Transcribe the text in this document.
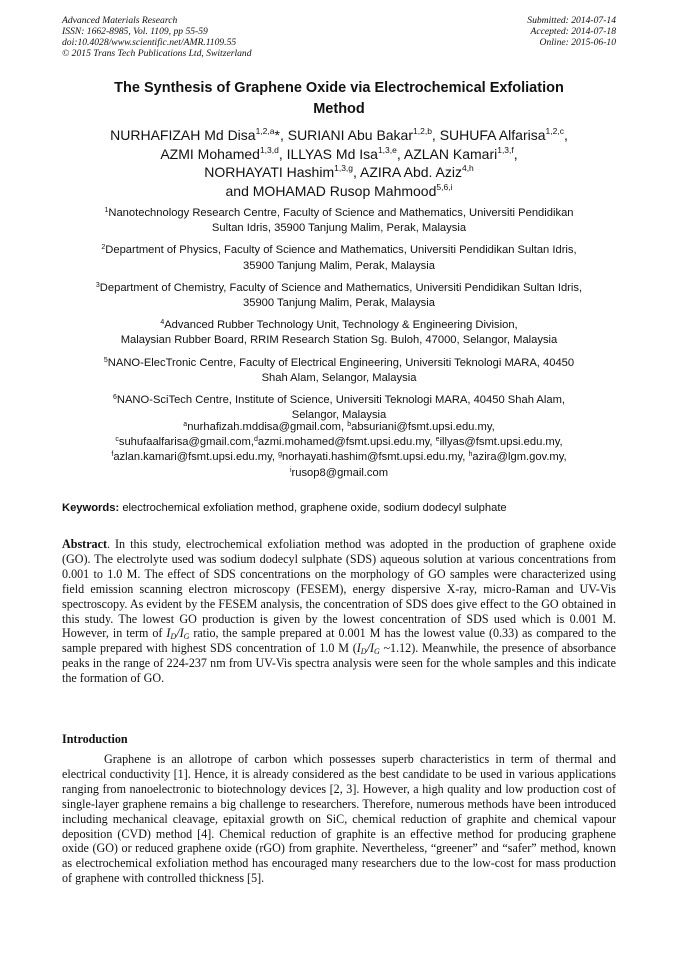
Advanced Materials Research
ISSN: 1662-8985, Vol. 1109, pp 55-59
doi:10.4028/www.scientific.net/AMR.1109.55
© 2015 Trans Tech Publications Ltd, Switzerland
Submitted: 2014-07-14
Accepted: 2014-07-18
Online: 2015-06-10
The Synthesis of Graphene Oxide via Electrochemical Exfoliation
Method
NURHAFIZAH Md Disa$^{1,2,a}$*, SURIANI Abu Bakar$^{1,2,b}$, SUHUFA Alfarisa$^{1,2,c}$,
AZMI Mohamed$^{1,3,d}$, ILLYAS Md Isa$^{1,3,e}$, AZLAN Kamari$^{1,3,f}$,
NORHAYATI Hashim$^{1,3,g}$, AZIRA Abd. Aziz$^{4,h}$
and MOHAMAD Rusop Mahmood$^{5,6,i}$
$^1$Nanotechnology Research Centre, Faculty of Science and Mathematics, Universiti Pendidikan
Sultan Idris, 35900 Tanjung Malim, Perak, Malaysia
$^2$Department of Physics, Faculty of Science and Mathematics, Universiti Pendidikan Sultan Idris,
35900 Tanjung Malim, Perak, Malaysia
$^3$Department of Chemistry, Faculty of Science and Mathematics, Universiti Pendidikan Sultan Idris,
35900 Tanjung Malim, Perak, Malaysia
$^4$Advanced Rubber Technology Unit, Technology & Engineering Division,
Malaysian Rubber Board, RRIM Research Station Sg. Buloh, 47000, Selangor, Malaysia
$^5$NANO-ElecTronic Centre, Faculty of Electrical Engineering, Universiti Teknologi MARA, 40450
Shah Alam, Selangor, Malaysia
$^6$NANO-SciTech Centre, Institute of Science, Universiti Teknologi MARA, 40450 Shah Alam,
Selangor, Malaysia
$^a$nurhafizah.mddisa@gmail.com, $^b$absuriani@fsmt.upsi.edu.my,
$^c$suhufaalfarisa@gmail.com,$^d$azmi.mohamed@fsmt.upsi.edu.my, $^e$illyas@fsmt.upsi.edu.my,
$^f$azlan.kamari@fsmt.upsi.edu.my, $^g$norhayati.hashim@fsmt.upsi.edu.my, $^h$azira@lgm.gov.my,
$^i$rusop8@gmail.com
Keywords: electrochemical exfoliation method, graphene oxide, sodium dodecyl sulphate

Abstract. In this study, electrochemical exfoliation method was adopted in the production of graphene oxide (GO). The electrolyte used was sodium dodecyl sulphate (SDS) aqueous solution at various concentrations from 0.001 to 1.0 M. The effect of SDS concentrations on the morphology of GO samples were characterized using field emission scanning electron microscopy (FESEM), energy dispersive X-ray, micro-Raman and UV-Vis spectroscopy. As evident by the FESEM analysis, the concentration of SDS does give effect to the GO obtained in this study. The lowest GO production is given by the lowest concentration of SDS used which is 0.001 M. However, in term of $I_D/I_G$ ratio, the sample prepared at 0.001 M has the lowest value (0.33) as compared to the sample prepared with highest SDS concentration of 1.0 M ($I_D/I_G$ ~1.12). Meanwhile, the presence of absorbance peaks in the range of 224-237 nm from UV-Vis spectra analysis were seen for the whole samples and this indicate the formation of GO.

Introduction

Graphene is an allotrope of carbon which possesses superb characteristics in term of thermal and electrical conductivity [1]. Hence, it is already considered as the best candidate to be used in various applications ranging from nanoelectronic to biotechnology devices [2, 3]. However, a high quality and low production cost of single-layer graphene remains a big challenge to researchers. Therefore, numerous methods have been introduced including mechanical cleavage, epitaxial growth on SiC, chemical reduction of graphite and chemical vapour deposition (CVD) method [4]. Chemical reduction of graphite is an effective method for producing graphene oxide (GO) or reduced graphene oxide (rGO) from graphite. Nevertheless, “greener” and “safer” method, known as electrochemical exfoliation method has encouraged many researchers due to the low-cost for mass production of graphene with controlled thickness [5].
